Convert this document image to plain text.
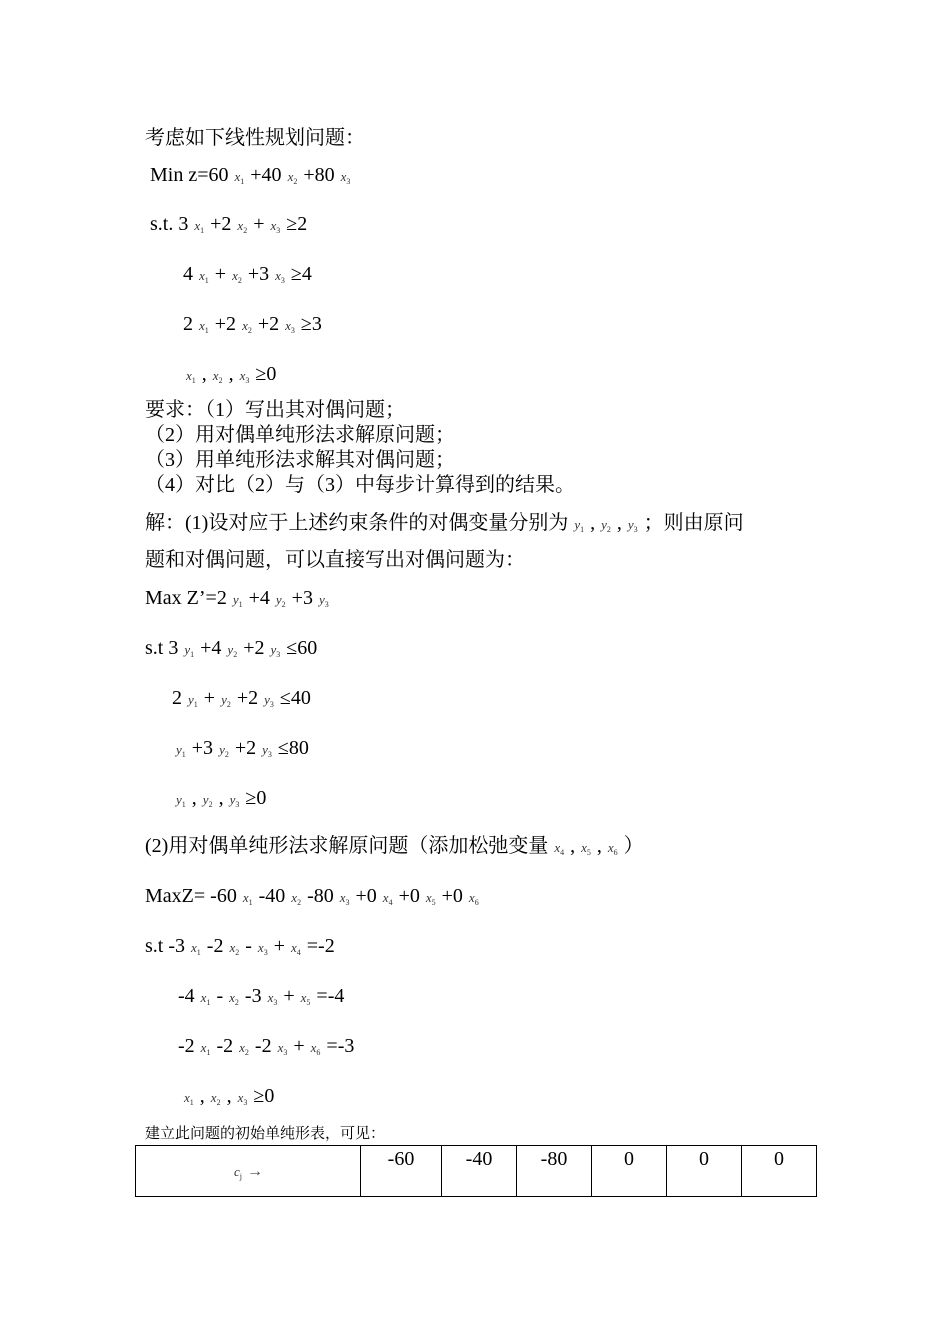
考虑如下线性规划问题：
Min z=60 $x_1 +40$ $x_2 +80$ $x_3$
s.t. 3 $x_1 +2$ $x_2 + x_3 \ge 2$
4 $x_1 + x_2 +3$ $x_3 \ge 4$
2 $x_1 +2$ $x_2 +2$ $x_3 \ge 3$
$x_1$ , $x_2$ , $x_3 \ge 0$
要求：（1）写出其对偶问题；
（2）用对偶单纯形法求解原问题；
（3）用单纯形法求解其对偶问题；
（4）对比（2）与（3）中每步计算得到的结果。
解：(1)设对应于上述约束条件的对偶变量分别为 $y_1$ , $y_2$ , $y_3$ ；则由原问
题和对偶问题，可以直接写出对偶问题为：
Max Z’=2 $y_1 +4$ $y_2 +3$ $y_3$
s.t 3 $y_1 +4$ $y_2 +2$ $y_3 \le 60$
2 $y_1 + y_2 +2$ $y_3 \le 40$
$y_1 +3$ $y_2 +2$ $y_3 \le 80$
$y_1$ , $y_2$ , $y_3 \ge 0$
(2)用对偶单纯形法求解原问题（添加松弛变量 $x_4$ , $x_5$ , $x_6$ ）
MaxZ= -60 $x_1$ -40 $x_2$ -80 $x_3 +0$ $x_4 +0$ $x_5 +0$ $x_6$
s.t -3 $x_1$ -2 $x_2 - x_3 + x_4 =-2$
-4 $x_1 - x_2$ -3 $x_3 + x_5 =-4$
-2 $x_1$ -2 $x_2$ -2 $x_3 + x_6 =-3$
$x_1$ , $x_2$ , $x_3 \ge 0$
建立此问题的初始单纯形表，可见：
$c_j$ →	-60	-40	-80	0	0	0
